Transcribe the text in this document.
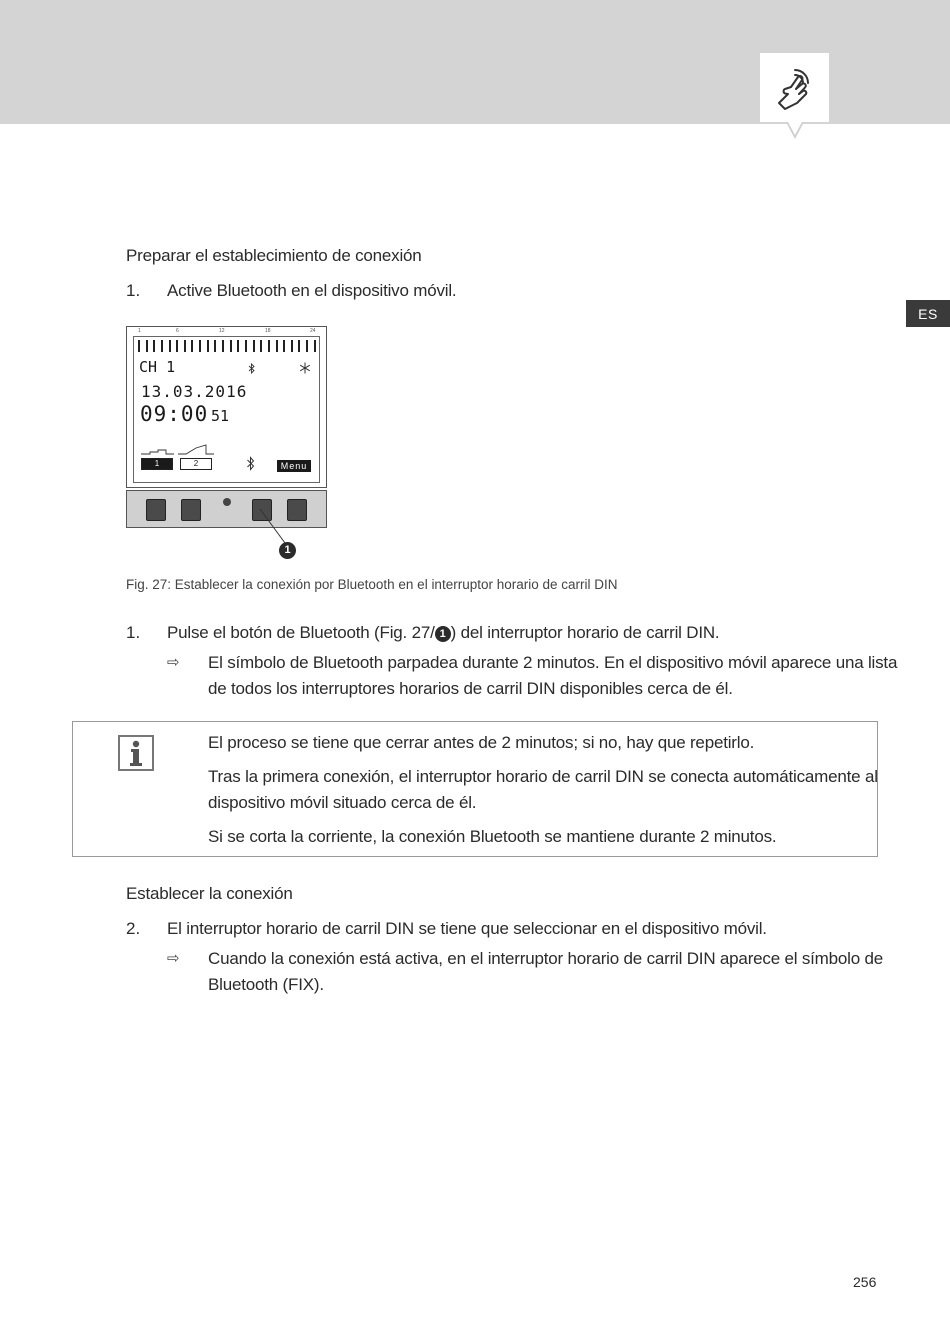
ES
Preparar el establecimiento de conexión
1. Active Bluetooth en el dispositivo móvil.
1	6	12	18	24
CH 1
13.03.2016
09:00 51
1	2	Menu
1
Fig. 27: Establecer la conexión por Bluetooth en el interruptor horario de carril DIN
1. Pulse el botón de Bluetooth (Fig. 27/ 1 ) del interruptor horario de carril DIN.
⇨ El símbolo de Bluetooth parpadea durante 2 minutos. En el dispositivo móvil aparece una lista
de todos los interruptores horarios de carril DIN disponibles cerca de él.
El proceso se tiene que cerrar antes de 2 minutos; si no, hay que repetirlo.
Tras la primera conexión, el interruptor horario de carril DIN se conecta automáticamente al
dispositivo móvil situado cerca de él.
Si se corta la corriente, la conexión Bluetooth se mantiene durante 2 minutos.
Establecer la conexión
2. El interruptor horario de carril DIN se tiene que seleccionar en el dispositivo móvil.
⇨ Cuando la conexión está activa, en el interruptor horario de carril DIN aparece el símbolo de
Bluetooth (FIX).
256
